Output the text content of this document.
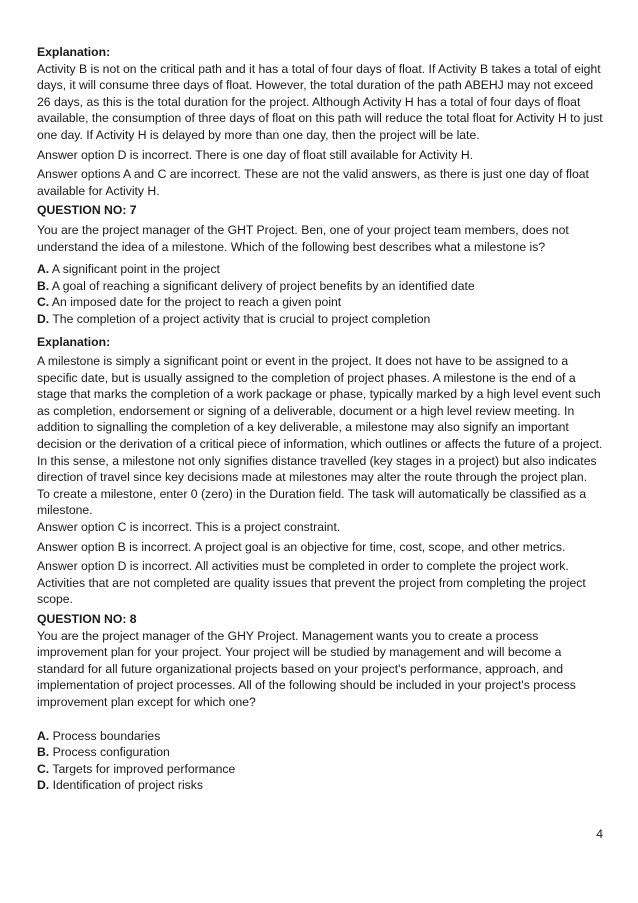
Explanation:

Activity B is not on the critical path and it has a total of four days of float. If Activity B takes a total of eight days, it will consume three days of float. However, the total duration of the path ABEHJ may not exceed 26 days, as this is the total duration for the project. Although Activity H has a total of four days of float available, the consumption of three days of float on this path will reduce the total float for Activity H to just one day. If Activity H is delayed by more than one day, then the project will be late.

Answer option D is incorrect. There is one day of float still available for Activity H.

Answer options A and C are incorrect. These are not the valid answers, as there is just one day of float available for Activity H.

QUESTION NO: 7

You are the project manager of the GHT Project. Ben, one of your project team members, does not understand the idea of a milestone. Which of the following best describes what a milestone is?

A. A significant point in the project

B. A goal of reaching a significant delivery of project benefits by an identified date

C. An imposed date for the project to reach a given point

D. The completion of a project activity that is crucial to project completion

Explanation:

A milestone is simply a significant point or event in the project. It does not have to be assigned to a specific date, but is usually assigned to the completion of project phases. A milestone is the end of a stage that marks the completion of a work package or phase, typically marked by a high level event such as completion, endorsement or signing of a deliverable, document or a high level review meeting. In addition to signalling the completion of a key deliverable, a milestone may also signify an important decision or the derivation of a critical piece of information, which outlines or affects the future of a project. In this sense, a milestone not only signifies distance travelled (key stages in a project) but also indicates direction of travel since key decisions made at milestones may alter the route through the project plan. To create a milestone, enter 0 (zero) in the Duration field. The task will automatically be classified as a milestone.

Answer option C is incorrect. This is a project constraint.

Answer option B is incorrect. A project goal is an objective for time, cost, scope, and other metrics.

Answer option D is incorrect. All activities must be completed in order to complete the project work. Activities that are not completed are quality issues that prevent the project from completing the project scope.

QUESTION NO: 8

You are the project manager of the GHY Project. Management wants you to create a process improvement plan for your project. Your project will be studied by management and will become a standard for all future organizational projects based on your project's performance, approach, and implementation of project processes. All of the following should be included in your project's process improvement plan except for which one?

A. Process boundaries

B. Process configuration

C. Targets for improved performance

D. Identification of project risks

4
